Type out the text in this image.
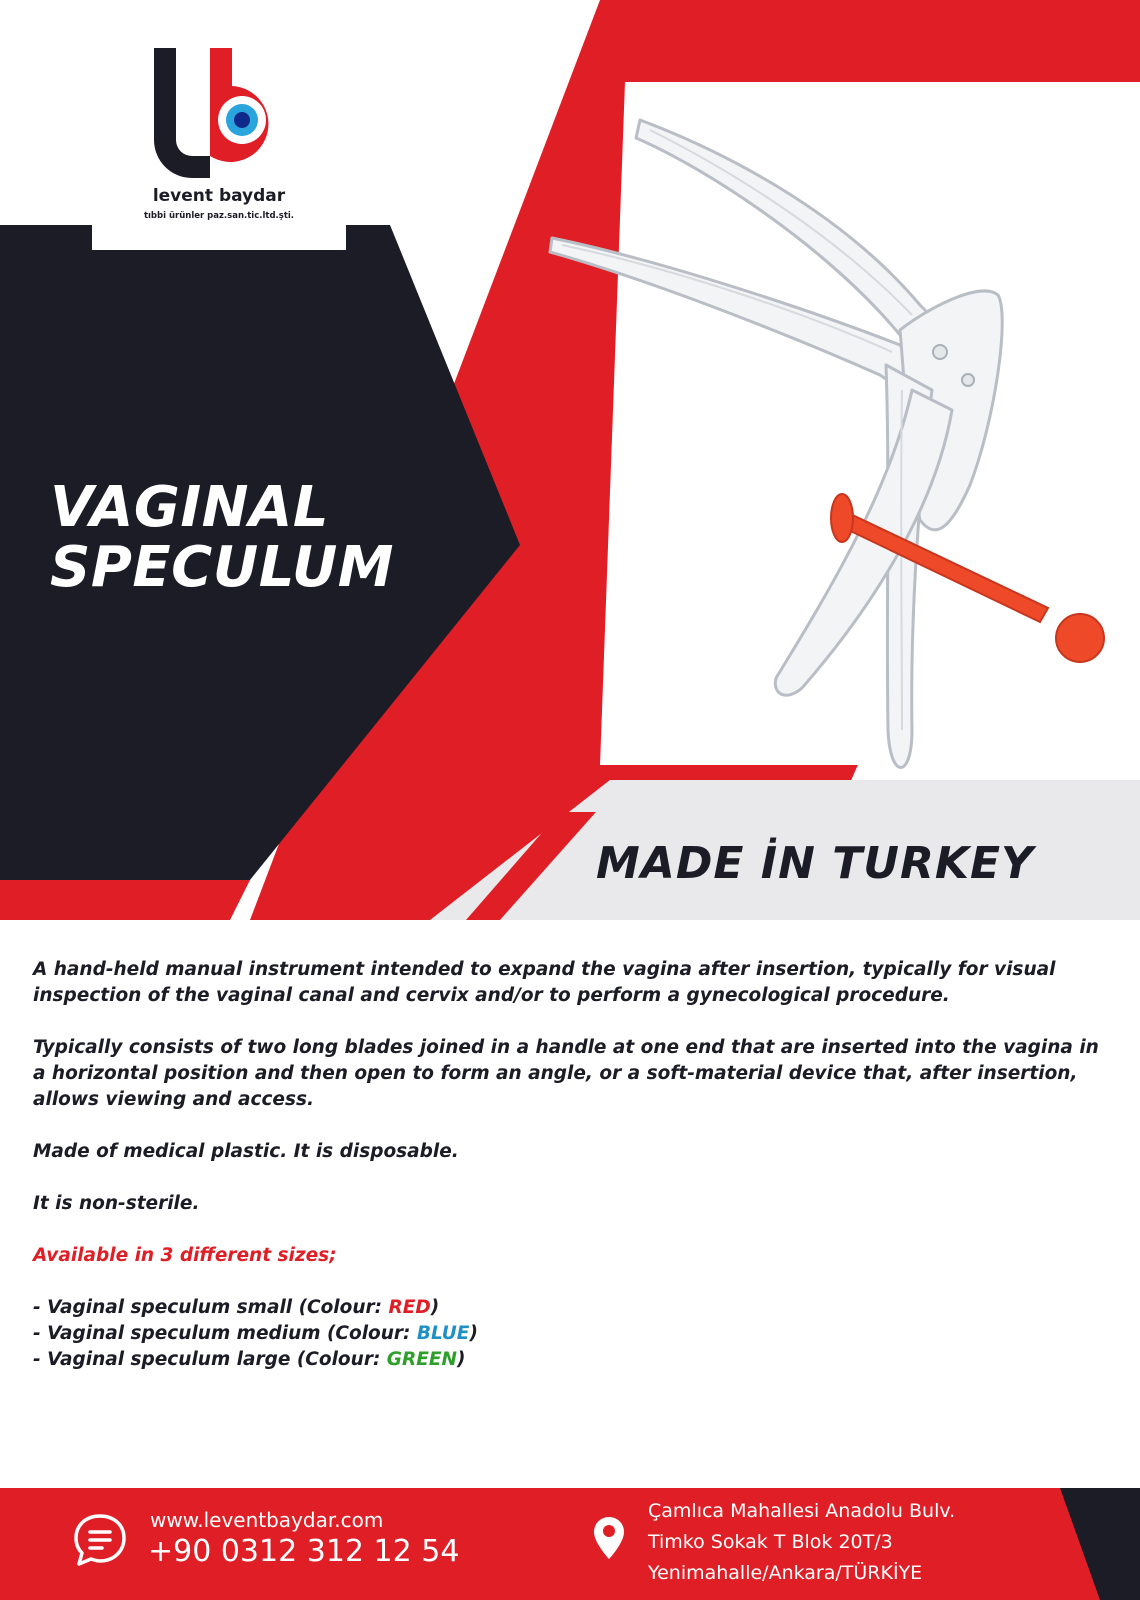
levent baydar
tıbbi ürünler paz.san.tic.ltd.şti.
VAGINAL
SPECULUM
MADE İN TURKEY

A hand-held manual instrument intended to expand the vagina after insertion, typically for visual inspection of the vaginal canal and cervix and/or to perform a gynecological procedure.

Typically consists of two long blades joined in a handle at one end that are inserted into the vagina in a horizontal position and then open to form an angle, or a soft-material device that, after insertion, allows viewing and access.

Made of medical plastic. It is disposable.

It is non-sterile.

Available in 3 different sizes;

- Vaginal speculum small (Colour: RED)
- Vaginal speculum medium (Colour: BLUE)
- Vaginal speculum large (Colour: GREEN)
www.leventbaydar.com
+90 0312 312 12 54
Çamlıca Mahallesi Anadolu Bulv.
Timko Sokak T Blok 20T/3
Yenimahalle/Ankara/TÜRKİYE
